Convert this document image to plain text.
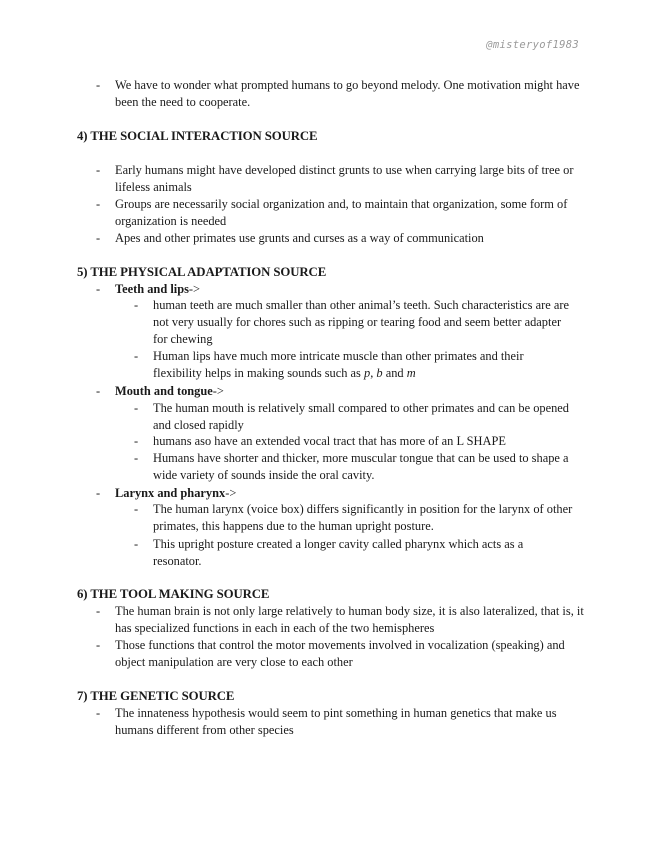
@misteryof1983
- We have to wonder what prompted humans to go beyond melody. One motivation might have been the need to cooperate.
4) THE SOCIAL INTERACTION SOURCE
- Early humans might have developed distinct grunts to use when carrying large bits of tree or lifeless animals
- Groups are necessarily social organization and, to maintain that organization, some form of organization is needed
- Apes and other primates use grunts and curses as a way of communication
5) THE PHYSICAL ADAPTATION SOURCE
- Teeth and lips->
- human teeth are much smaller than other animal’s teeth. Such characteristics are are not very usually for chores such as ripping or tearing food and seem better adapter for chewing
- Human lips have much more intricate muscle than other primates and their flexibility helps in making sounds such as p, b and m
- Mouth and tongue->
- The human mouth is relatively small compared to other primates and can be opened and closed rapidly
- humans aso have an extended vocal tract that has more of an L SHAPE
- Humans have shorter and thicker, more muscular tongue that can be used to shape a wide variety of sounds inside the oral cavity.
- Larynx and pharynx->
- The human larynx (voice box) differs significantly in position for the larynx of other primates, this happens due to the human upright posture.
- This upright posture created a longer cavity called pharynx which acts as a resonator.
6) THE TOOL MAKING SOURCE
- The human brain is not only large relatively to human body size, it is also lateralized, that is, it has specialized functions in each in each of the two hemispheres
- Those functions that control the motor movements involved in vocalization (speaking) and object manipulation are very close to each other
7) THE GENETIC SOURCE
- The innateness hypothesis would seem to pint something in human genetics that make us humans different from other species
